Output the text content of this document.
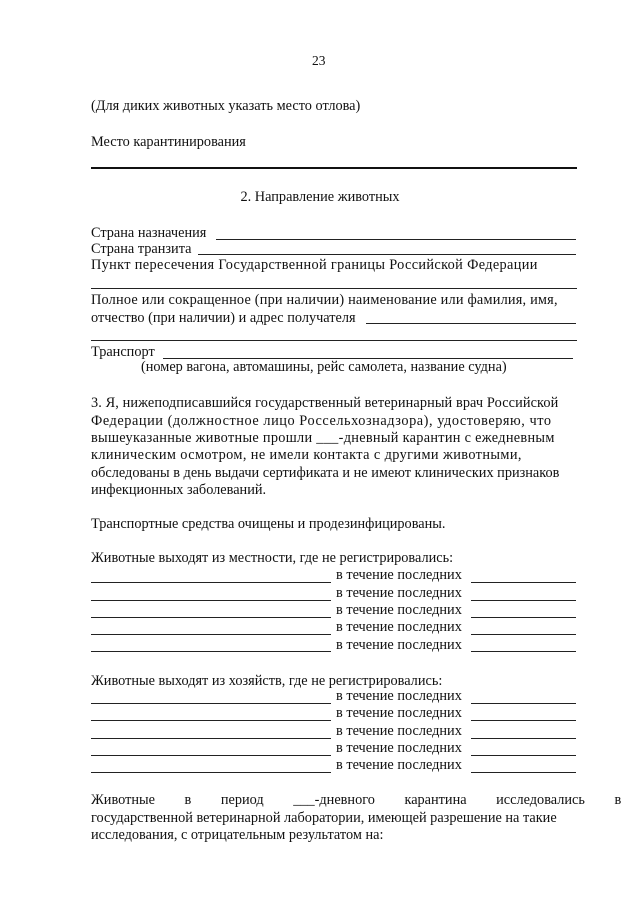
23
(Для диких животных указать место отлова)
Место карантинирования
2. Направление животных
Страна назначения
Страна транзита
Пункт пересечения Государственной границы Российской Федерации
Полное или сокращенное (при наличии) наименование или фамилия, имя,
отчество (при наличии) и адрес получателя
Транспорт
(номер вагона, автомашины, рейс самолета, название судна)
3. Я, нижеподписавшийся государственный ветеринарный врач Российской
Федерации (должностное лицо Россельхознадзора), удостоверяю, что
вышеуказанные животные прошли ___-дневный карантин с ежедневным
клиническим осмотром, не имели контакта с другими животными,
обследованы в день выдачи сертификата и не имеют клинических признаков
инфекционных заболеваний.
Транспортные средства очищены и продезинфицированы.
Животные выходят из местности, где не регистрировались:
в течение последних
в течение последних
в течение последних
в течение последних
в течение последних
Животные выходят из хозяйств, где не регистрировались:
в течение последних
в течение последних
в течение последних
в течение последних
в течение последних
Животные в период ___-дневного карантина исследовались в
государственной ветеринарной лаборатории, имеющей разрешение на такие
исследования, с отрицательным результатом на:
